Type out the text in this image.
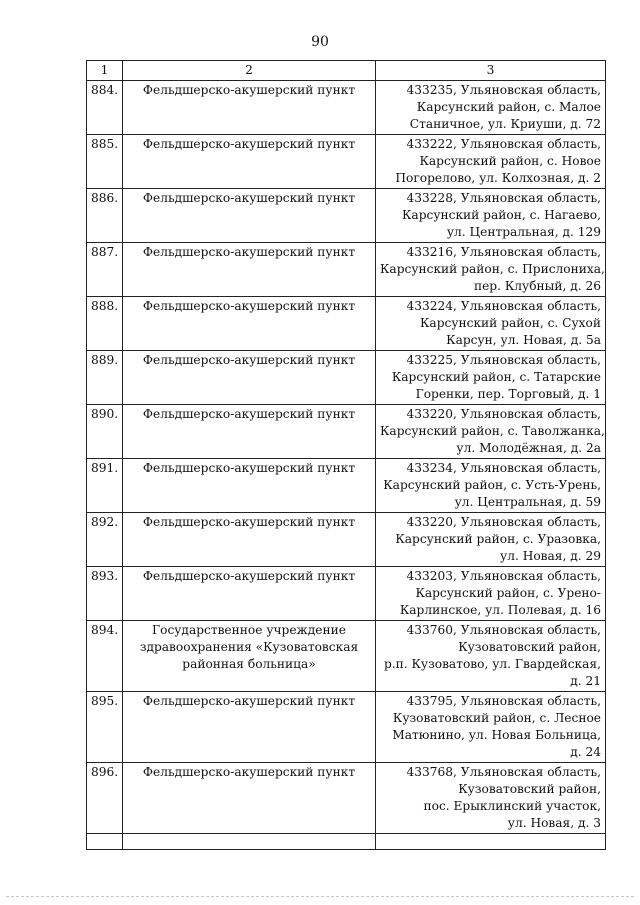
90
1	2	3
884.	Фельдшерско-акушерский пункт	433235, Ульяновская область,
Карсунский район, с. Малое
Станичное, ул. Криуши, д. 72

885.	Фельдшерско-акушерский пункт	433222, Ульяновская область,
Карсунский район, с. Новое
Погорелово, ул. Колхозная, д. 2

886.	Фельдшерско-акушерский пункт	433228, Ульяновская область,
Карсунский район, с. Нагаево,
ул. Центральная, д. 129

887.	Фельдшерско-акушерский пункт	433216, Ульяновская область,
Карсунский район, с. Прислониха,
пер. Клубный, д. 26

888.	Фельдшерско-акушерский пункт	433224, Ульяновская область,
Карсунский район, с. Сухой
Карсун, ул. Новая, д. 5а

889.	Фельдшерско-акушерский пункт	433225, Ульяновская область,
Карсунский район, с. Татарские
Горенки, пер. Торговый, д. 1

890.	Фельдшерско-акушерский пункт	433220, Ульяновская область,
Карсунский район, с. Таволжанка,
ул. Молодёжная, д. 2а

891.	Фельдшерско-акушерский пункт	433234, Ульяновская область,
Карсунский район, с. Усть-Урень,
ул. Центральная, д. 59

892.	Фельдшерско-акушерский пункт	433220, Ульяновская область,
Карсунский район, с. Уразовка,
ул. Новая, д. 29

893.	Фельдшерско-акушерский пункт	433203, Ульяновская область,
Карсунский район, с. Урено-
Карлинское, ул. Полевая, д. 16

894.	Государственное учреждение
здравоохранения «Кузоватовская
районная больница»	433760, Ульяновская область,
Кузоватовский район,
р.п. Кузоватово, ул. Гвардейская,
д. 21

895.	Фельдшерско-акушерский пункт	433795, Ульяновская область,
Кузоватовский район, с. Лесное
Матюнино, ул. Новая Больница,
д. 24

896.	Фельдшерско-акушерский пункт	433768, Ульяновская область,
Кузоватовский район,
пос. Ерыклинский участок,
ул. Новая, д. 3
